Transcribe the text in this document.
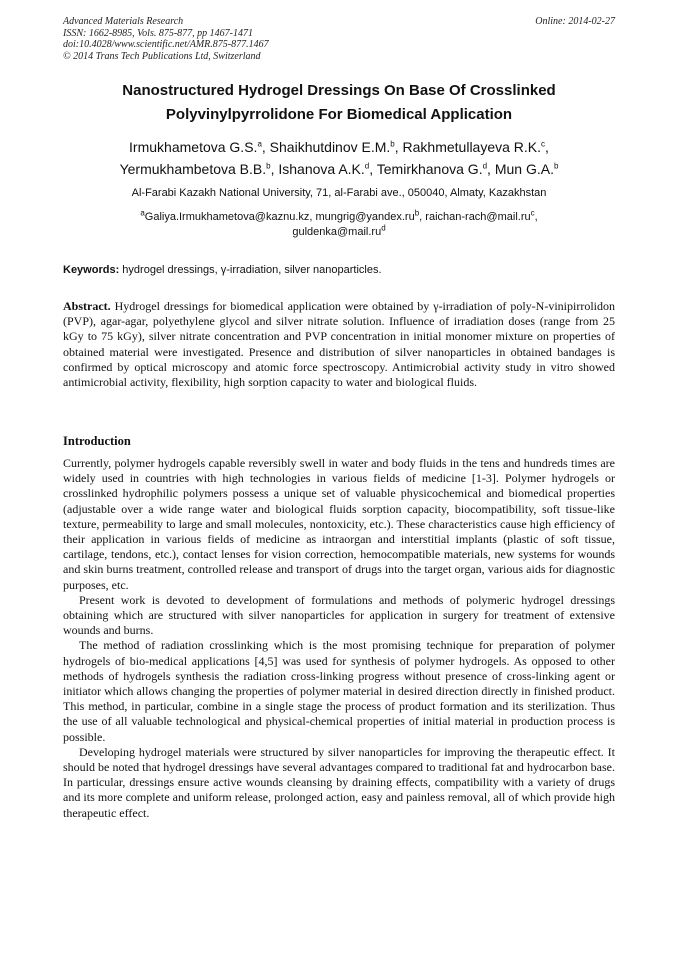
Advanced Materials Research
ISSN: 1662-8985, Vols. 875-877, pp 1467-1471
doi:10.4028/www.scientific.net/AMR.875-877.1467
© 2014 Trans Tech Publications Ltd, Switzerland
Online: 2014-02-27
Nanostructured Hydrogel Dressings On Base Of Crosslinked
Polyvinylpyrrolidone For Biomedical Application
Irmukhametova G.S.$^a$, Shaikhutdinov E.M.$^b$, Rakhmetullayeva R.K.$^c$,
Yermukhambetova B.B.$^b$, Ishanova A.K.$^d$, Temirkhanova G.$^d$, Mun G.A.$^b$
Al-Farabi Kazakh National University, 71, al-Farabi ave., 050040, Almaty, Kazakhstan
$^a$Galiya.Irmukhametova@kaznu.kz, $mungrig@yandex.ru^b$, raichan-$rach@mail.ru^c$,
$guldenka@mail.ru^d$
Keywords: hydrogel dressings, γ-irradiation, silver nanoparticles.
Abstract. Hydrogel dressings for biomedical application were obtained by γ-irradiation of poly-N-vinipirrolidon (PVP), agar-agar, polyethylene glycol and silver nitrate solution. Influence of irradiation doses (range from 25 kGy to 75 kGy), silver nitrate concentration and PVP concentration in initial monomer mixture on properties of obtained material were investigated. Presence and distribution of silver nanoparticles in obtained bandages is confirmed by optical microscopy and atomic force spectroscopy. Antimicrobial activity study in vitro showed antimicrobial activity, flexibility, high sorption capacity to water and biological fluids.
Introduction

Currently, polymer hydrogels capable reversibly swell in water and body fluids in the tens and hundreds times are widely used in countries with high technologies in various fields of medicine [1-3]. Polymer hydrogels or crosslinked hydrophilic polymers possess a unique set of valuable physicochemical and biomedical properties (adjustable over a wide range water and biological fluids sorption capacity, biocompatibility, soft tissue-like texture, permeability to large and small molecules, nontoxicity, etc.). These characteristics cause high efficiency of their application in various fields of medicine as intraorgan and interstitial implants (plastic of soft tissue, cartilage, tendons, etc.), contact lenses for vision correction, hemocompatible materials, new systems for wounds and skin burns treatment, controlled release and transport of drugs into the target organ, various aids for diagnostic purposes, etc.

Present work is devoted to development of formulations and methods of polymeric hydrogel dressings obtaining which are structured with silver nanoparticles for application in surgery for treatment of extensive wounds and burns.

The method of radiation crosslinking which is the most promising technique for preparation of polymer hydrogels of bio-medical applications [4,5] was used for synthesis of polymer hydrogels. As opposed to other methods of hydrogels synthesis the radiation cross-linking progress without presence of cross-linking agent or initiator which allows changing the properties of polymer material in desired direction directly in finished product. This method, in particular, combine in a single stage the process of product formation and its sterilization. Thus the use of all valuable technological and physical-chemical properties of initial material in production process is possible.

Developing hydrogel materials were structured by silver nanoparticles for improving the therapeutic effect. It should be noted that hydrogel dressings have several advantages compared to traditional fat and hydrocarbon base. In particular, dressings ensure active wounds cleansing by draining effects, compatibility with a variety of drugs and its more complete and uniform release, prolonged action, easy and painless removal, all of which provide high therapeutic effect.
